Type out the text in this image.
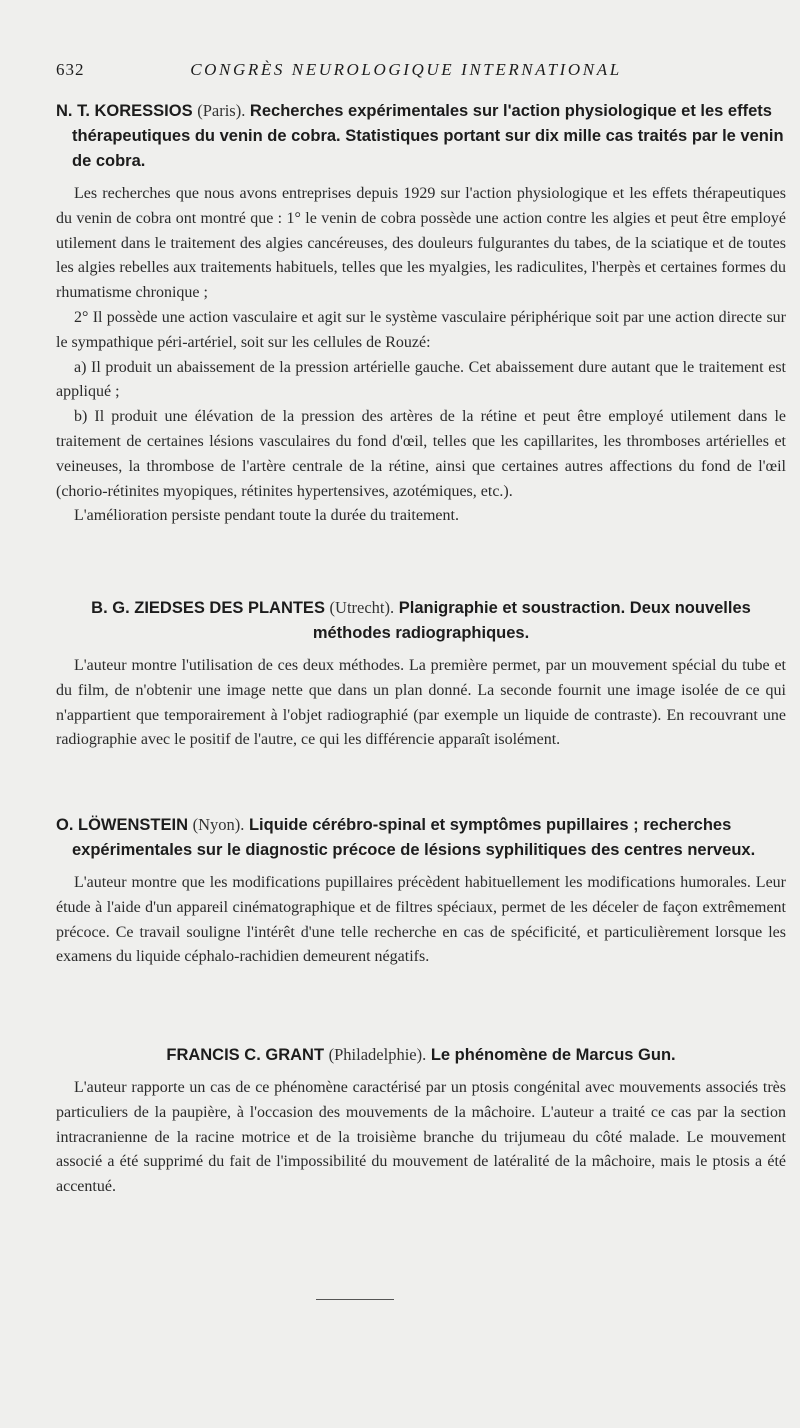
632	CONGRÈS NEUROLOGIQUE INTERNATIONAL
N. T. KORESSIOS (Paris). Recherches expérimentales sur l'action physiologique et les effets thérapeutiques du venin de cobra. Statistiques portant sur dix mille cas traités par le venin de cobra.

Les recherches que nous avons entreprises depuis 1929 sur l'action physiologique et les effets thérapeutiques du venin de cobra ont montré que : 1° le venin de cobra possède une action contre les algies et peut être employé utilement dans le traitement des algies cancéreuses, des douleurs fulgurantes du tabes, de la sciatique et de toutes les algies rebelles aux traitements habituels, telles que les myalgies, les radiculites, l'herpès et certaines formes du rhumatisme chronique ;

2° Il possède une action vasculaire et agit sur le système vasculaire périphérique soit par une action directe sur le sympathique péri-artériel, soit sur les cellules de Rouzé:

a) Il produit un abaissement de la pression artérielle gauche. Cet abaissement dure autant que le traitement est appliqué ;

b) Il produit une élévation de la pression des artères de la rétine et peut être employé utilement dans le traitement de certaines lésions vasculaires du fond d'œil, telles que les capillarites, les thromboses artérielles et veineuses, la thrombose de l'artère centrale de la rétine, ainsi que certaines autres affections du fond de l'œil (chorio-rétinites myopiques, rétinites hypertensives, azotémiques, etc.).

L'amélioration persiste pendant toute la durée du traitement.

B. G. ZIEDSES DES PLANTES (Utrecht). Planigraphie et soustraction. Deux nouvelles méthodes radiographiques.

L'auteur montre l'utilisation de ces deux méthodes. La première permet, par un mouvement spécial du tube et du film, de n'obtenir une image nette que dans un plan donné. La seconde fournit une image isolée de ce qui n'appartient que temporairement à l'objet radiographié (par exemple un liquide de contraste). En recouvrant une radiographie avec le positif de l'autre, ce qui les différencie apparaît isolément.

O. LÖWENSTEIN (Nyon). Liquide cérébro-spinal et symptômes pupillaires ; recherches expérimentales sur le diagnostic précoce de lésions syphilitiques des centres nerveux.

L'auteur montre que les modifications pupillaires précèdent habituellement les modifications humorales. Leur étude à l'aide d'un appareil cinématographique et de filtres spéciaux, permet de les déceler de façon extrêmement précoce. Ce travail souligne l'intérêt d'une telle recherche en cas de spécificité, et particulièrement lorsque les examens du liquide céphalo-rachidien demeurent négatifs.

FRANCIS C. GRANT (Philadelphie). Le phénomène de Marcus Gun.

L'auteur rapporte un cas de ce phénomène caractérisé par un ptosis congénital avec mouvements associés très particuliers de la paupière, à l'occasion des mouvements de la mâchoire. L'auteur a traité ce cas par la section intracranienne de la racine motrice et de la troisième branche du trijumeau du côté malade. Le mouvement associé a été supprimé du fait de l'impossibilité du mouvement de latéralité de la mâchoire, mais le ptosis a été accentué.
